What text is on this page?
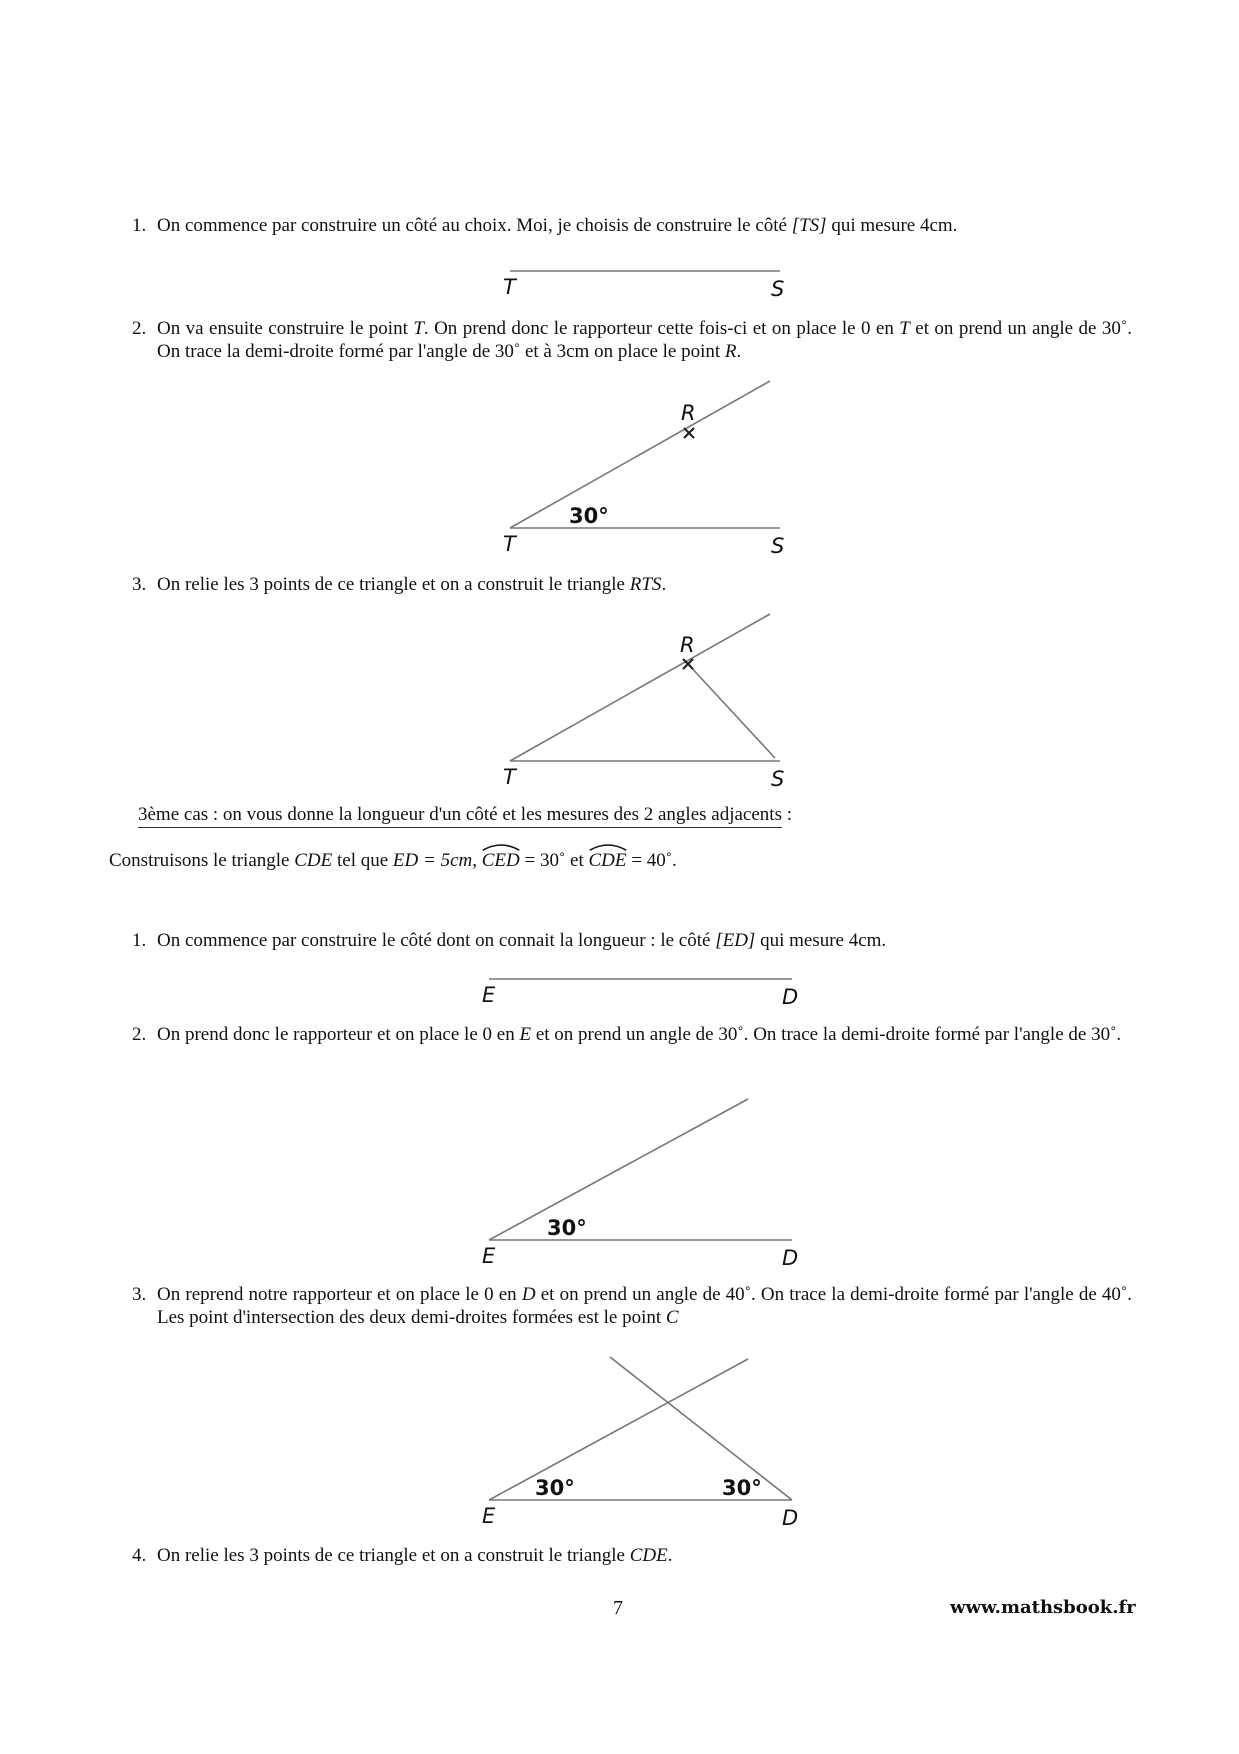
1. On commence par construire un côté au choix. Moi, je choisis de construire le côté [TS] qui mesure 4cm.
T	S
2. On va ensuite construire le point T. On prend donc le rapporteur cette fois-ci et on place le 0 en T et on prend un angle de 30˚. On trace la demi-droite formé par l'angle de 30˚ et à 3cm on place le point R.
R
30°
T	S
3. On relie les 3 points de ce triangle et on a construit le triangle RTS.
R
T	S
3ème cas : on vous donne la longueur d'un côté et les mesures des 2 angles adjacents :
Construisons le triangle CDE tel que ED = 5cm,
CED = 30˚ et
CDE = 40˚.
1. On commence par construire le côté dont on connait la longueur : le côté [ED] qui mesure 4cm.
E	D
2. On prend donc le rapporteur et on place le 0 en E et on prend un angle de 30˚. On trace la demi-droite formé par l'angle de 30˚.
30°
E	D
3. On reprend notre rapporteur et on place le 0 en D et on prend un angle de 40˚. On trace la demi-droite formé par l'angle de 40˚. Les point d'intersection des deux demi-droites formées est le point C
30°	30°
E	D
4. On relie les 3 points de ce triangle et on a construit le triangle CDE.
7	www.mathsbook.fr
